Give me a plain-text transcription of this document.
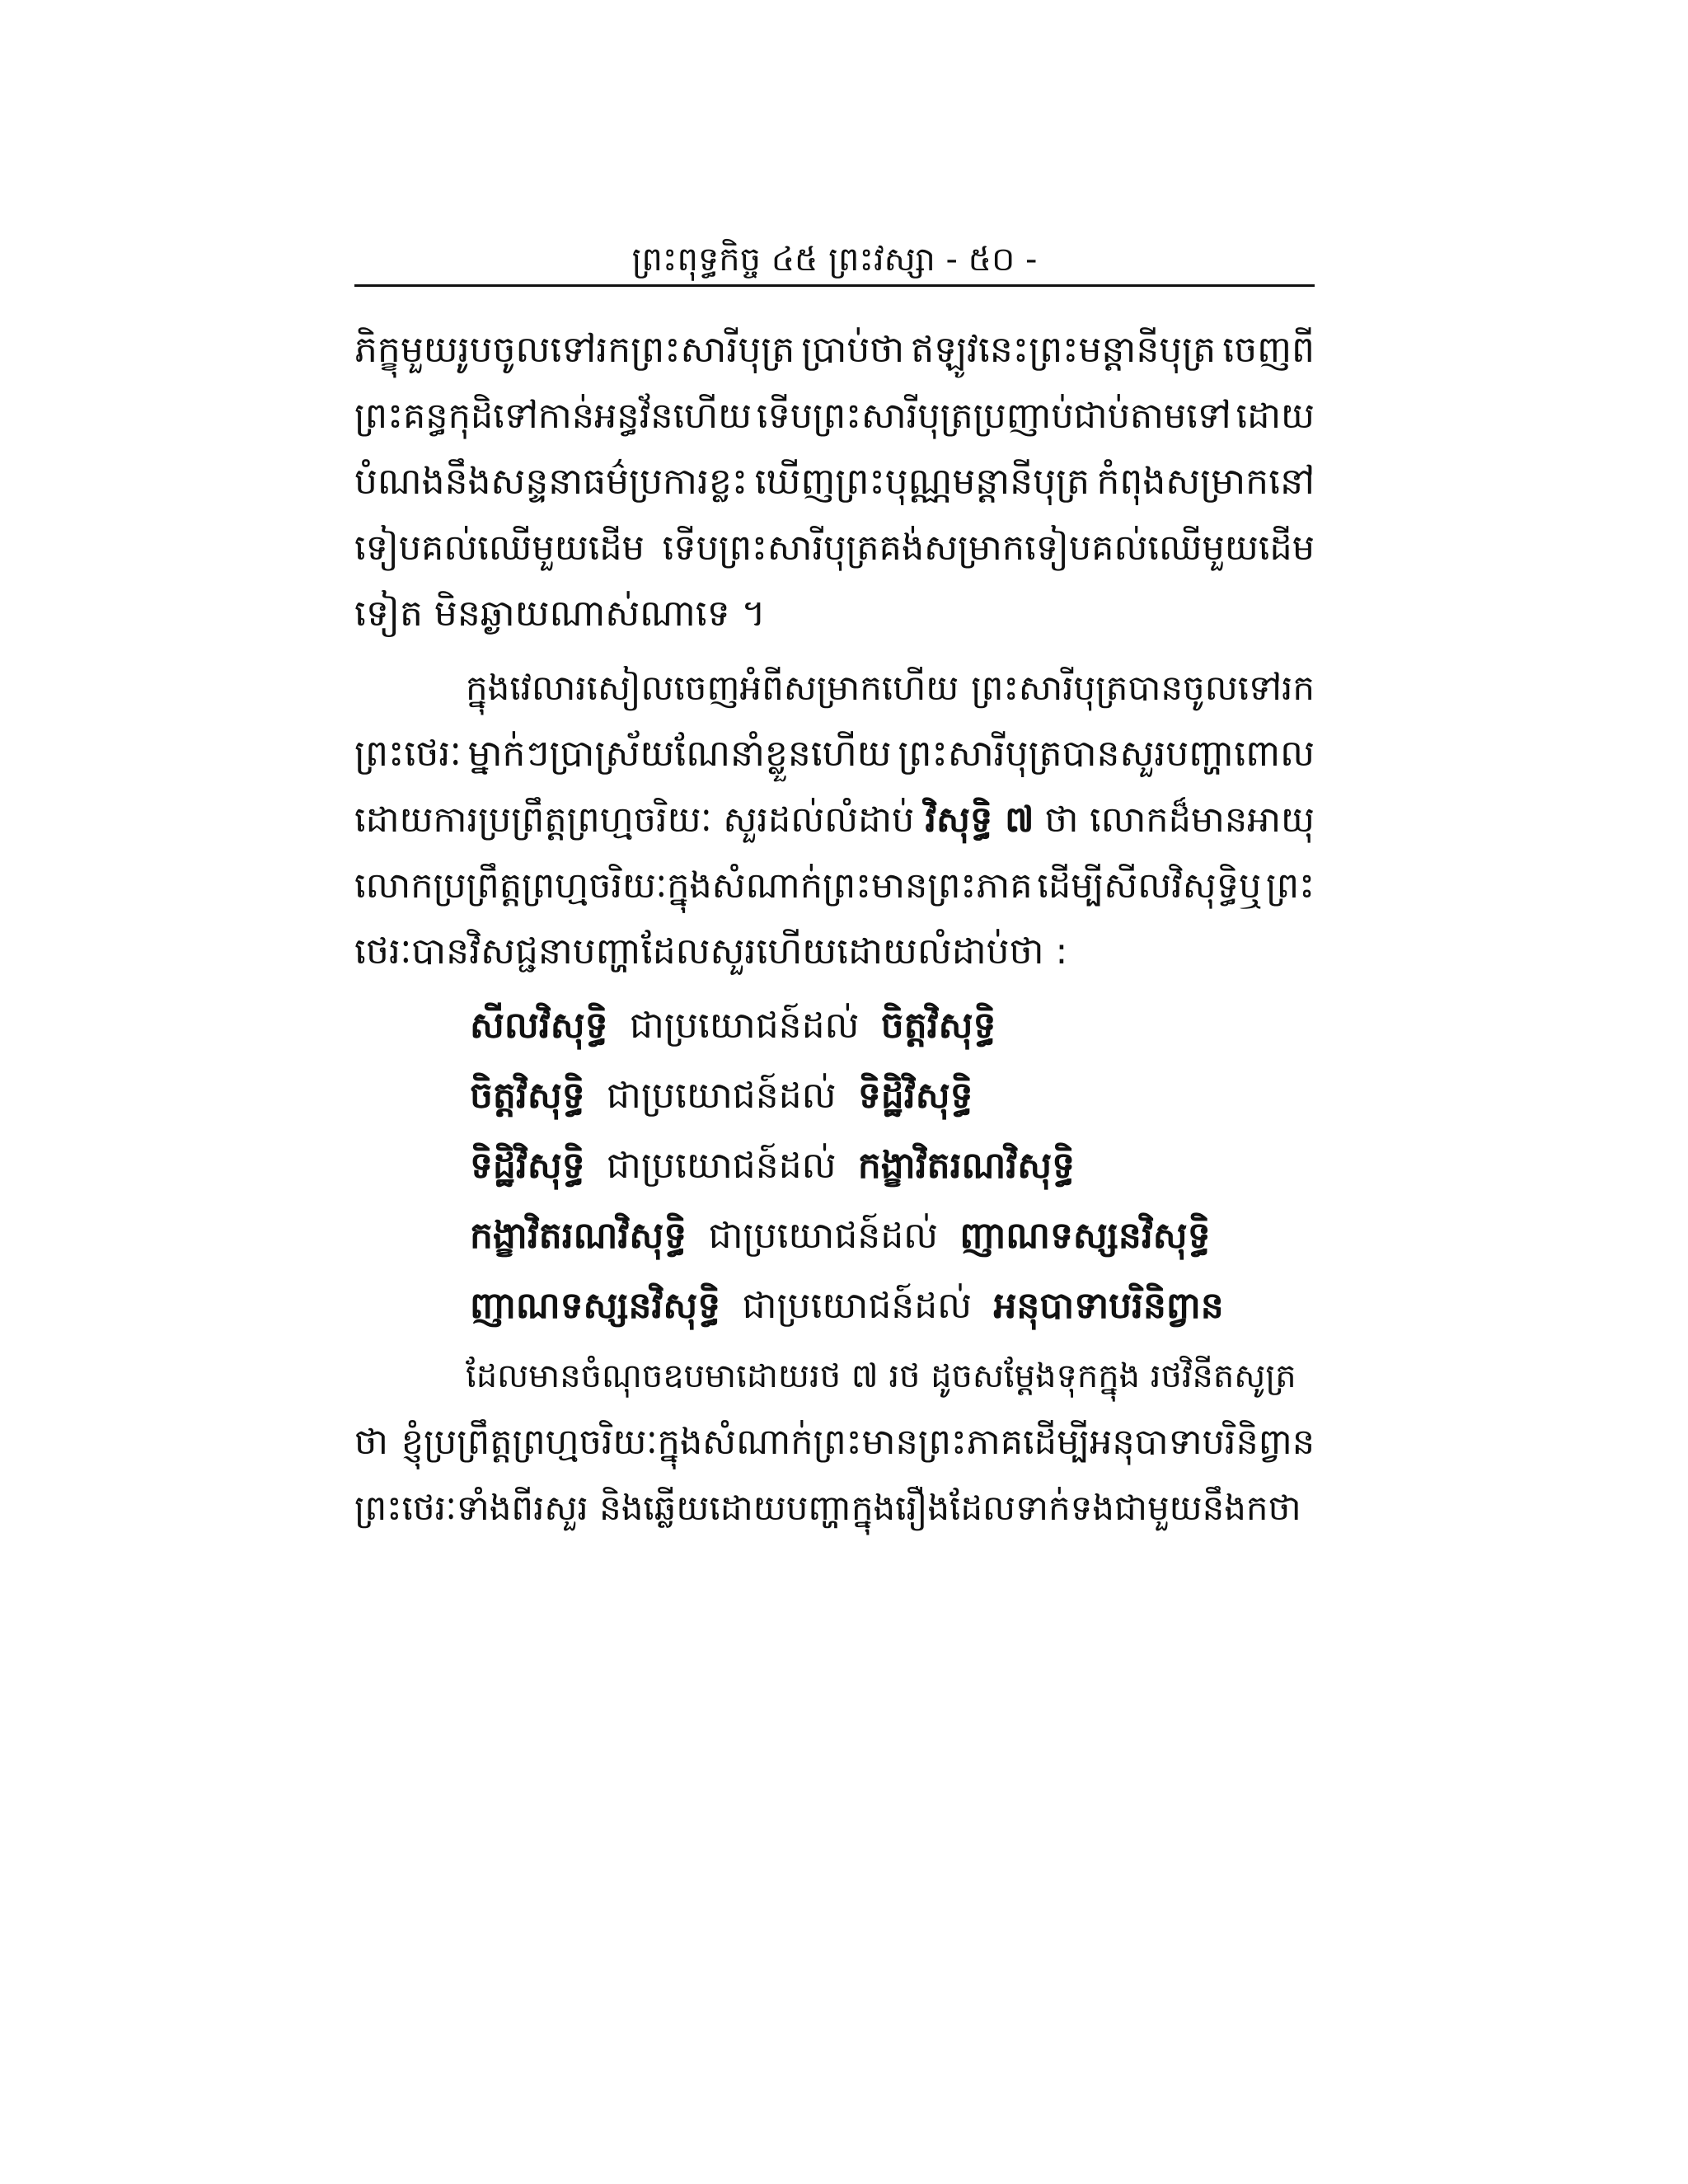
ព្រះពុទ្ធកិច្ច ៤៥ ព្រះវស្សា - ៥០ -
ភិក្ខុមួយរូបចូលទៅរកព្រះសារីបុត្រ ប្រាប់ថា ឥឡូវនេះព្រះមន្តានីបុត្រ ចេញពី
ព្រះគន្ធកុដិទៅកាន់អន្ធវ័នហើយ ទើបព្រះសារីបុត្រប្រញាប់ជាប់តាមទៅ ដោយ
បំណងនឹងសន្ទនាធម៌ប្រការខ្លះ ឃើញព្រះបុណ្ណមន្តានីបុត្រ កំពុងសម្រាកនៅ
ទៀបគល់ឈើមួយដើម ទើបព្រះសារីបុត្រគង់សម្រាកទៀបគល់ឈើមួយដើម
ទៀត មិនឆ្ងាយណាស់ណាទេ ។
ក្នុងវេលារសៀលចេញអំពីសម្រាកហើយ ព្រះសារីបុត្របានចូលទៅរក
ព្រះថេរៈ ម្នាក់ៗប្រាស្រ័យណែនាំខ្លួនហើយ ព្រះសារីបុត្របានសួរបញ្ហាពោល
ដោយការប្រព្រឹត្តព្រហ្មចរិយៈ សួរដល់លំដាប់ វិសុទ្ធិ ៧ ថា លោកដ៏មានអាយុ
លោកប្រព្រឹត្តព្រហ្មចរិយៈក្នុងសំណាក់ព្រះមានព្រះភាគ ដើម្បីសីលវិសុទ្ធិឬ ព្រះ
ថេរៈបានវិសជ្ជនាបញ្ហាដែលសួរហើយដោយលំដាប់ថា :
សីលវិសុទ្ធិ ជាប្រយោជន៍ដល់ ចិត្តវិសុទ្ធិ
ចិត្តវិសុទ្ធិ ជាប្រយោជន៍ដល់ ទិដ្ឋិវិសុទ្ធិ
ទិដ្ឋិវិសុទ្ធិ ជាប្រយោជន៍ដល់ កង្ខាវិតរណវិសុទ្ធិ
កង្ខាវិតរណវិសុទ្ធិ ជាប្រយោជន៍ដល់ ញាណទស្សនវិសុទ្ធិ
ញាណទស្សនវិសុទ្ធិ ជាប្រយោជន៍ដល់ អនុបាទាបរិនិព្វាន
ដែលមានចំណុចឧបមាដោយរថ ៧ រថ ដូចសម្តែងទុកក្នុង រថវិនីតសូត្រ
ថា ខ្ញុំប្រព្រឹត្តព្រហ្មចរិយៈក្នុងសំណាក់ព្រះមានព្រះភាគដើម្បីអនុបាទាបរិនិព្វាន
ព្រះថេរៈទាំងពីរសួរ និងឆ្លើយដោយបញ្ហាក្នុងរឿងដែលទាក់ទងជាមួយនឹងកថា
